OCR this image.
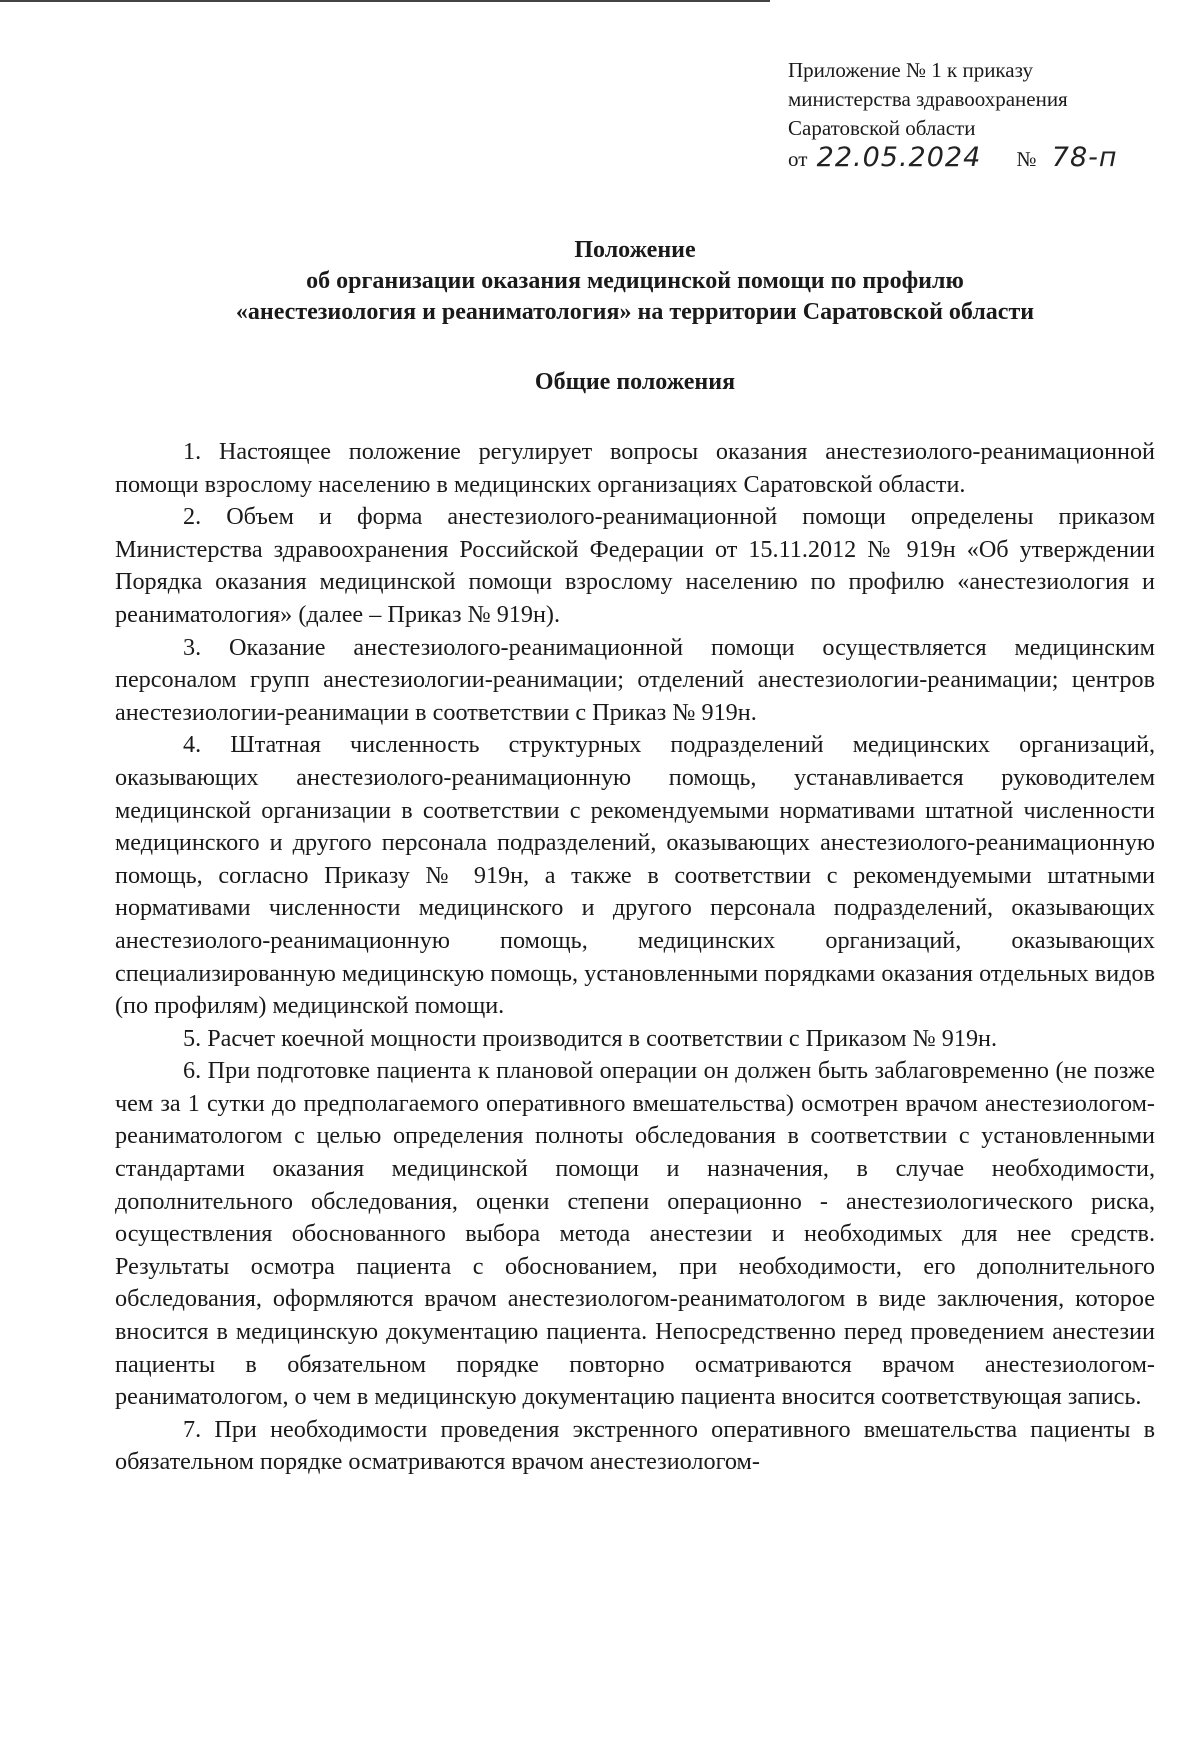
Приложение № 1 к приказу
министерства здравоохранения
Саратовской области
от 22.05.2024 № 78-п
Положение
об организации оказания медицинской помощи по профилю
«анестезиология и реаниматология» на территории Саратовской области
Общие положения

1. Настоящее положение регулирует вопросы оказания анестезиолого-реанимационной помощи взрослому населению в медицинских организациях Саратовской области.

2. Объем и форма анестезиолого-реанимационной помощи определены приказом Министерства здравоохранения Российской Федерации от 15.11.2012 № 919н «Об утверждении Порядка оказания медицинской помощи взрослому населению по профилю «анестезиология и реаниматология» (далее – Приказ № 919н).

3. Оказание анестезиолого-реанимационной помощи осуществляется медицинским персоналом групп анестезиологии-реанимации; отделений анестезиологии-реанимации; центров анестезиологии-реанимации в соответствии с Приказ № 919н.

4. Штатная численность структурных подразделений медицинских организаций, оказывающих анестезиолого-реанимационную помощь, устанавливается руководителем медицинской организации в соответствии с рекомендуемыми нормативами штатной численности медицинского и другого персонала подразделений, оказывающих анестезиолого-реанимационную помощь, согласно Приказу № 919н, а также в соответствии с рекомендуемыми штатными нормативами численности медицинского и другого персонала подразделений, оказывающих анестезиолого-реанимационную помощь, медицинских организаций, оказывающих специализированную медицинскую помощь, установленными порядками оказания отдельных видов (по профилям) медицинской помощи.

5. Расчет коечной мощности производится в соответствии с Приказом № 919н.

6. При подготовке пациента к плановой операции он должен быть заблаговременно (не позже чем за 1 сутки до предполагаемого оперативного вмешательства) осмотрен врачом анестезиологом-реаниматологом с целью определения полноты обследования в соответствии с установленными стандартами оказания медицинской помощи и назначения, в случае необходимости, дополнительного обследования, оценки степени операционно - анестезиологического риска, осуществления обоснованного выбора метода анестезии и необходимых для нее средств. Результаты осмотра пациента с обоснованием, при необходимости, его дополнительного обследования, оформляются врачом анестезиологом-реаниматологом в виде заключения, которое вносится в медицинскую документацию пациента. Непосредственно перед проведением анестезии пациенты в обязательном порядке повторно осматриваются врачом анестезиологом-реаниматологом, о чем в медицинскую документацию пациента вносится соответствующая запись.

7. При необходимости проведения экстренного оперативного вмешательства пациенты в обязательном порядке осматриваются врачом анестезиологом-
